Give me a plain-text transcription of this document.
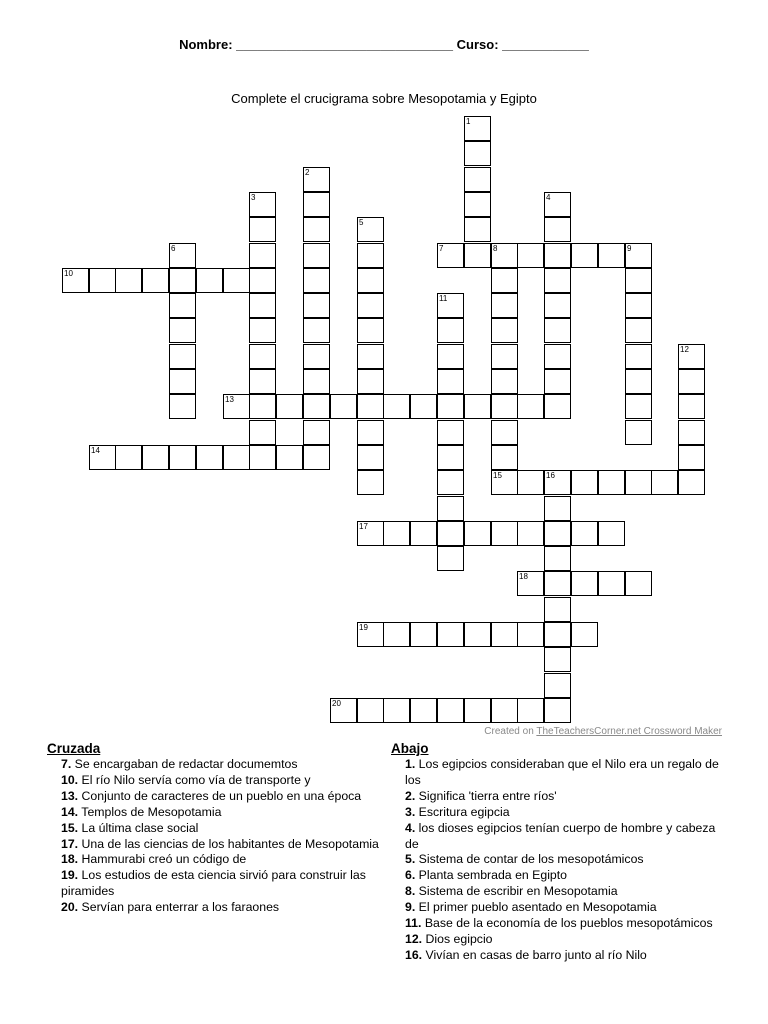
Nombre: ______________________________ Curso: ____________
Complete el crucigrama sobre Mesopotamia y Egipto
1
2
3	4
5
6	7	8	9
10
11
12
13
14
15	16
17
18
19
20
Created on TheTeachersCorner.net Crossword Maker
Cruzada
7. Se encargaban de redactar documemtos
10. El río Nilo servía como vía de transporte y
13. Conjunto de caracteres de un pueblo en una época
14. Templos de Mesopotamia
15. La última clase social
17. Una de las ciencias de los habitantes de Mesopotamia
18. Hammurabi creó un código de
19. Los estudios de esta ciencia sirvió para construir las piramides
20. Servían para enterrar a los faraones
Abajo
1. Los egipcios consideraban que el Nilo era un regalo de los
2. Significa 'tierra entre ríos'
3. Escritura egipcia
4. los dioses egipcios tenían cuerpo de hombre y cabeza de
5. Sistema de contar de los mesopotámicos
6. Planta sembrada en Egipto
8. Sistema de escribir en Mesopotamia
9. El primer pueblo asentado en Mesopotamia
11. Base de la economía de los pueblos mesopotámicos
12. Dios egipcio
16. Vivían en casas de barro junto al río Nilo
